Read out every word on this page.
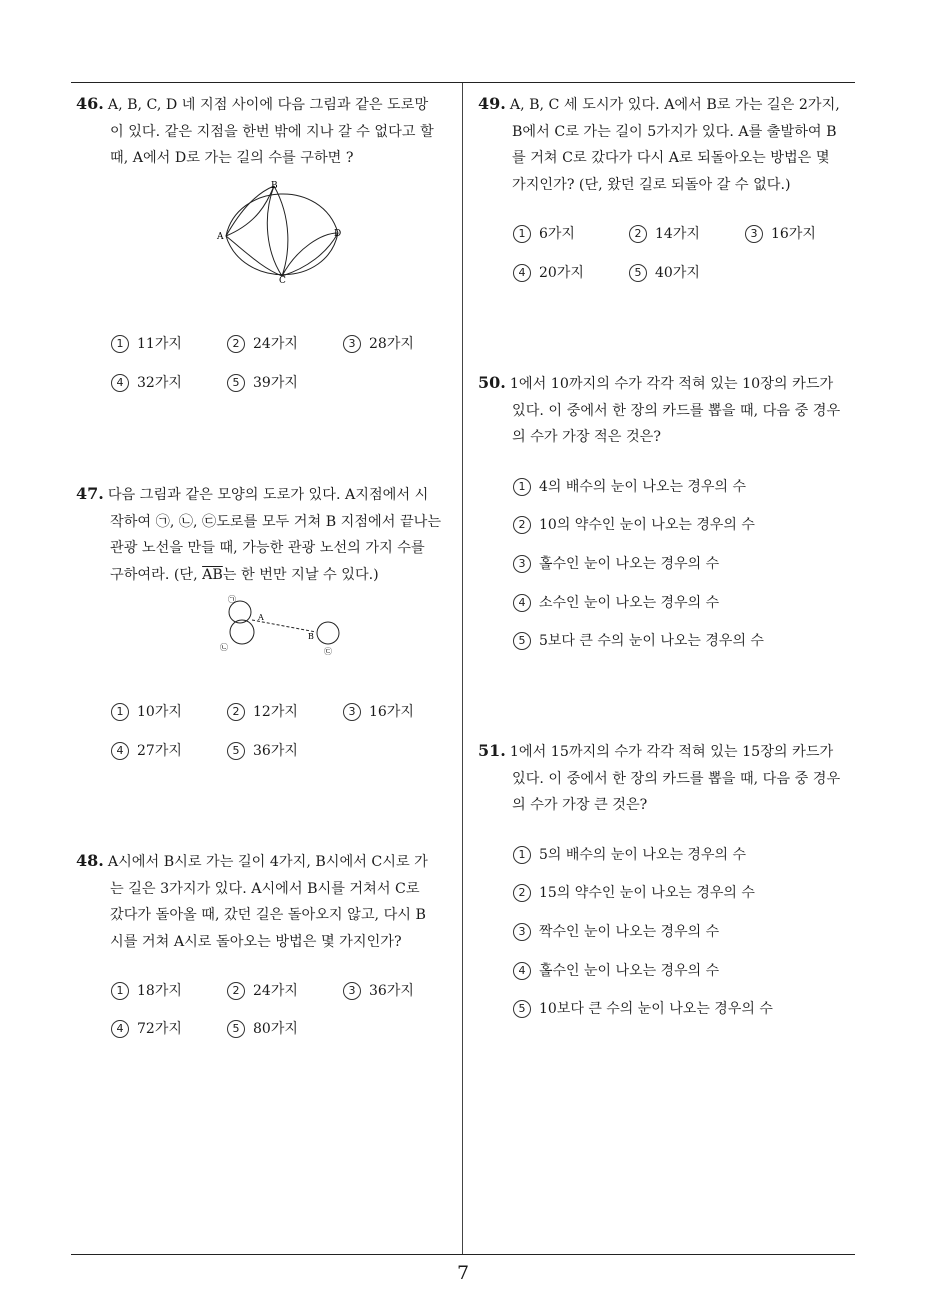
7
46. A, B, C, D 네 지점 사이에 다음 그림과 같은 도로망
이 있다. 같은 지점을 한번 밖에 지나 갈 수 없다고 할
때, A에서 D로 가는 길의 수를 구하면 ?
A
B
C
D
1 11가지	2 24가지	3 28가지
4 32가지	5 39가지
47. 다음 그림과 같은 모양의 도로가 있다. A지점에서 시
작하여 ㉠, ㉡, ㉢도로를 모두 거쳐 B 지점에서 끝나는
관광 노선을 만들 때, 가능한 관광 노선의 가지 수를
구하여라. (단, $\overline{AB}$는 한 번만 지날 수 있다.)
㉠
A
㉡
B
㉢
1 10가지	2 12가지	3 16가지
4 27가지	5 36가지
48. A시에서 B시로 가는 길이 4가지, B시에서 C시로 가
는 길은 3가지가 있다. A시에서 B시를 거쳐서 C로
갔다가 돌아올 때, 갔던 길은 돌아오지 않고, 다시 B
시를 거쳐 A시로 돌아오는 방법은 몇 가지인가?
1 18가지	2 24가지	3 36가지
4 72가지	5 80가지
49. A, B, C 세 도시가 있다. A에서 B로 가는 길은 2가지,
B에서 C로 가는 길이 5가지가 있다. A를 출발하여 B
를 거쳐 C로 갔다가 다시 A로 되돌아오는 방법은 몇
가지인가? (단, 왔던 길로 되돌아 갈 수 없다.)
1 6가지	2 14가지	3 16가지
4 20가지	5 40가지
50. 1에서 10까지의 수가 각각 적혀 있는 10장의 카드가
있다. 이 중에서 한 장의 카드를 뽑을 때, 다음 중 경우
의 수가 가장 적은 것은?
1 4의 배수의 눈이 나오는 경우의 수
2 10의 약수인 눈이 나오는 경우의 수
3 홀수인 눈이 나오는 경우의 수
4 소수인 눈이 나오는 경우의 수
5 5보다 큰 수의 눈이 나오는 경우의 수
51. 1에서 15까지의 수가 각각 적혀 있는 15장의 카드가
있다. 이 중에서 한 장의 카드를 뽑을 때, 다음 중 경우
의 수가 가장 큰 것은?
1 5의 배수의 눈이 나오는 경우의 수
2 15의 약수인 눈이 나오는 경우의 수
3 짝수인 눈이 나오는 경우의 수
4 홀수인 눈이 나오는 경우의 수
5 10보다 큰 수의 눈이 나오는 경우의 수
